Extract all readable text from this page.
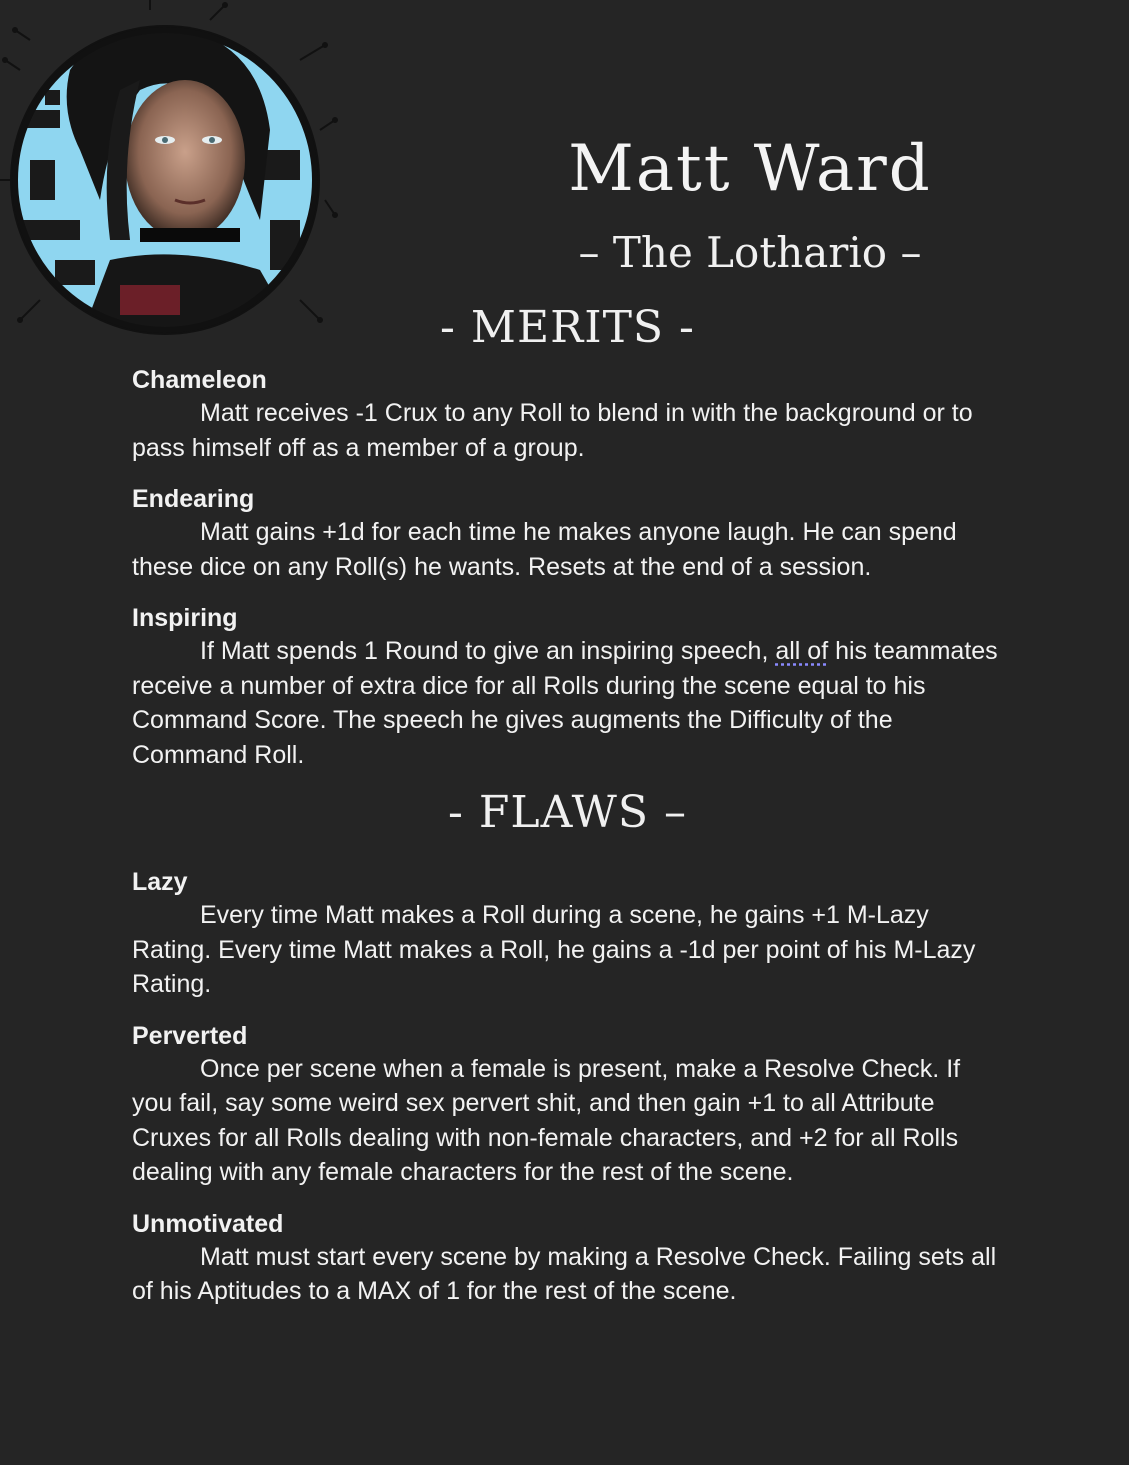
Matt Ward
– The Lothario –
- MERITS -
Chameleon
Matt receives -1 Crux to any Roll to blend in with the background or to pass himself off as a member of a group.
Endearing
Matt gains +1d for each time he makes anyone laugh. He can spend these dice on any Roll(s) he wants. Resets at the end of a session.
Inspiring
If Matt spends 1 Round to give an inspiring speech, all of his teammates receive a number of extra dice for all Rolls during the scene equal to his Command Score. The speech he gives augments the Difficulty of the Command Roll.
- FLAWS –
Lazy
Every time Matt makes a Roll during a scene, he gains +1 M-Lazy Rating. Every time Matt makes a Roll, he gains a -1d per point of his M-Lazy Rating.
Perverted
Once per scene when a female is present, make a Resolve Check. If you fail, say some weird sex pervert shit, and then gain +1 to all Attribute Cruxes for all Rolls dealing with non-female characters, and +2 for all Rolls dealing with any female characters for the rest of the scene.
Unmotivated
Matt must start every scene by making a Resolve Check. Failing sets all of his Aptitudes to a MAX of 1 for the rest of the scene.
